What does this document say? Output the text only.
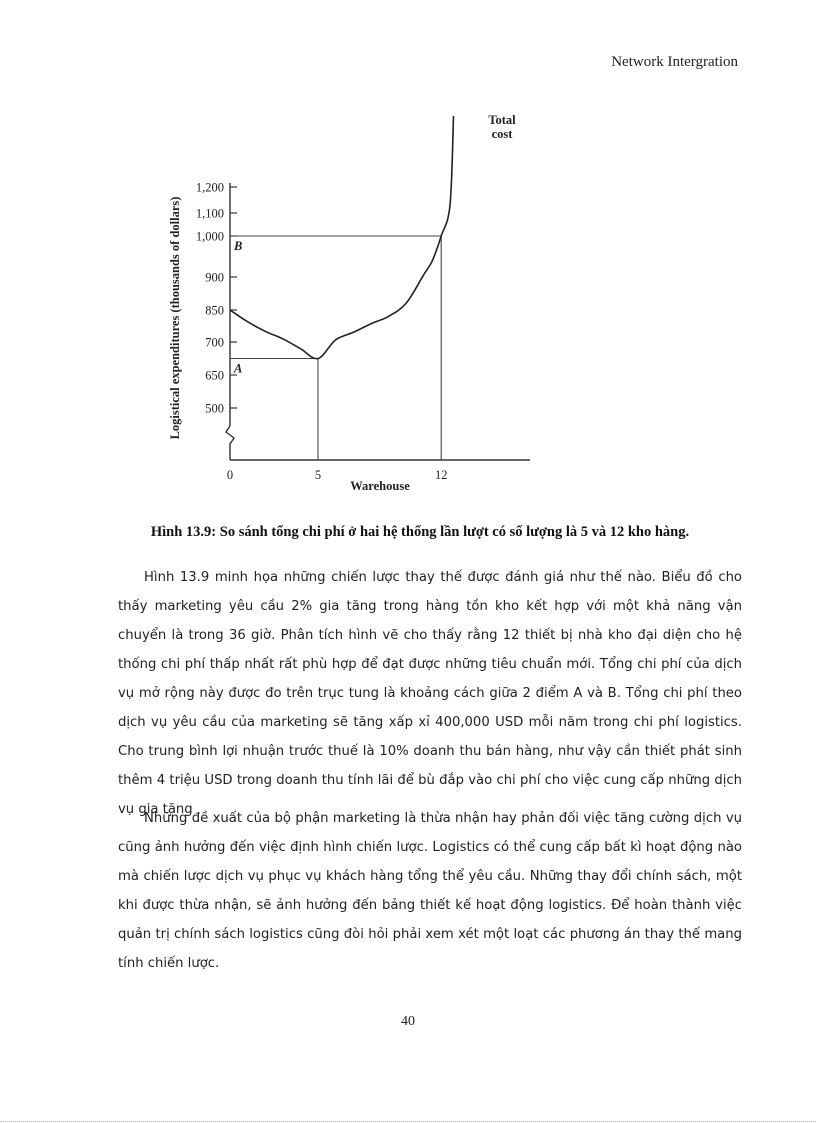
Network Intergration
1,200
1,100
1,000
900
850
700
650
500
0	5	12
Warehouse
Logistical expenditures (thousands of dollars)	A
B
Total
cost
Hình 13.9: So sánh tổng chi phí ở hai hệ thống lần lượt có số lượng là 5 và 12 kho hàng.

Hình 13.9 minh họa những chiến lược thay thế được đánh giá như thế nào. Biểu đồ cho thấy marketing yêu cầu 2% gia tăng trong hàng tồn kho kết hợp với một khả năng vận chuyển là trong 36 giờ. Phân tích hình vẽ cho thấy rằng 12 thiết bị nhà kho đại diện cho hệ thống chi phí thấp nhất rất phù hợp để đạt được những tiêu chuẩn mới. Tổng chi phí của dịch vụ mở rộng này được đo trên trục tung là khoảng cách giữa 2 điểm A và B. Tổng chi phí theo dịch vụ yêu cầu của marketing sẽ tăng xấp xỉ 400,000 USD mỗi năm trong chi phí logistics. Cho trung bình lợi nhuận trước thuế là 10% doanh thu bán hàng, như vậy cần thiết phát sinh thêm 4 triệu USD trong doanh thu tính lãi để bù đắp vào chi phí cho việc cung cấp những dịch vụ gia tăng

Những đề xuất của bộ phận marketing là thừa nhận hay phản đối việc tăng cường dịch vụ cũng ảnh hưởng đến việc định hình chiến lược. Logistics có thể cung cấp bất kì hoạt động nào mà chiến lược dịch vụ phục vụ khách hàng tổng thể yêu cầu. Những thay đổi chính sách, một khi được thừa nhận, sẽ ảnh hưởng đến bảng thiết kế hoạt động logistics. Để hoàn thành việc quản trị chính sách logistics cũng đòi hỏi phải xem xét một loạt các phương án thay thế mang tính chiến lược.

40
